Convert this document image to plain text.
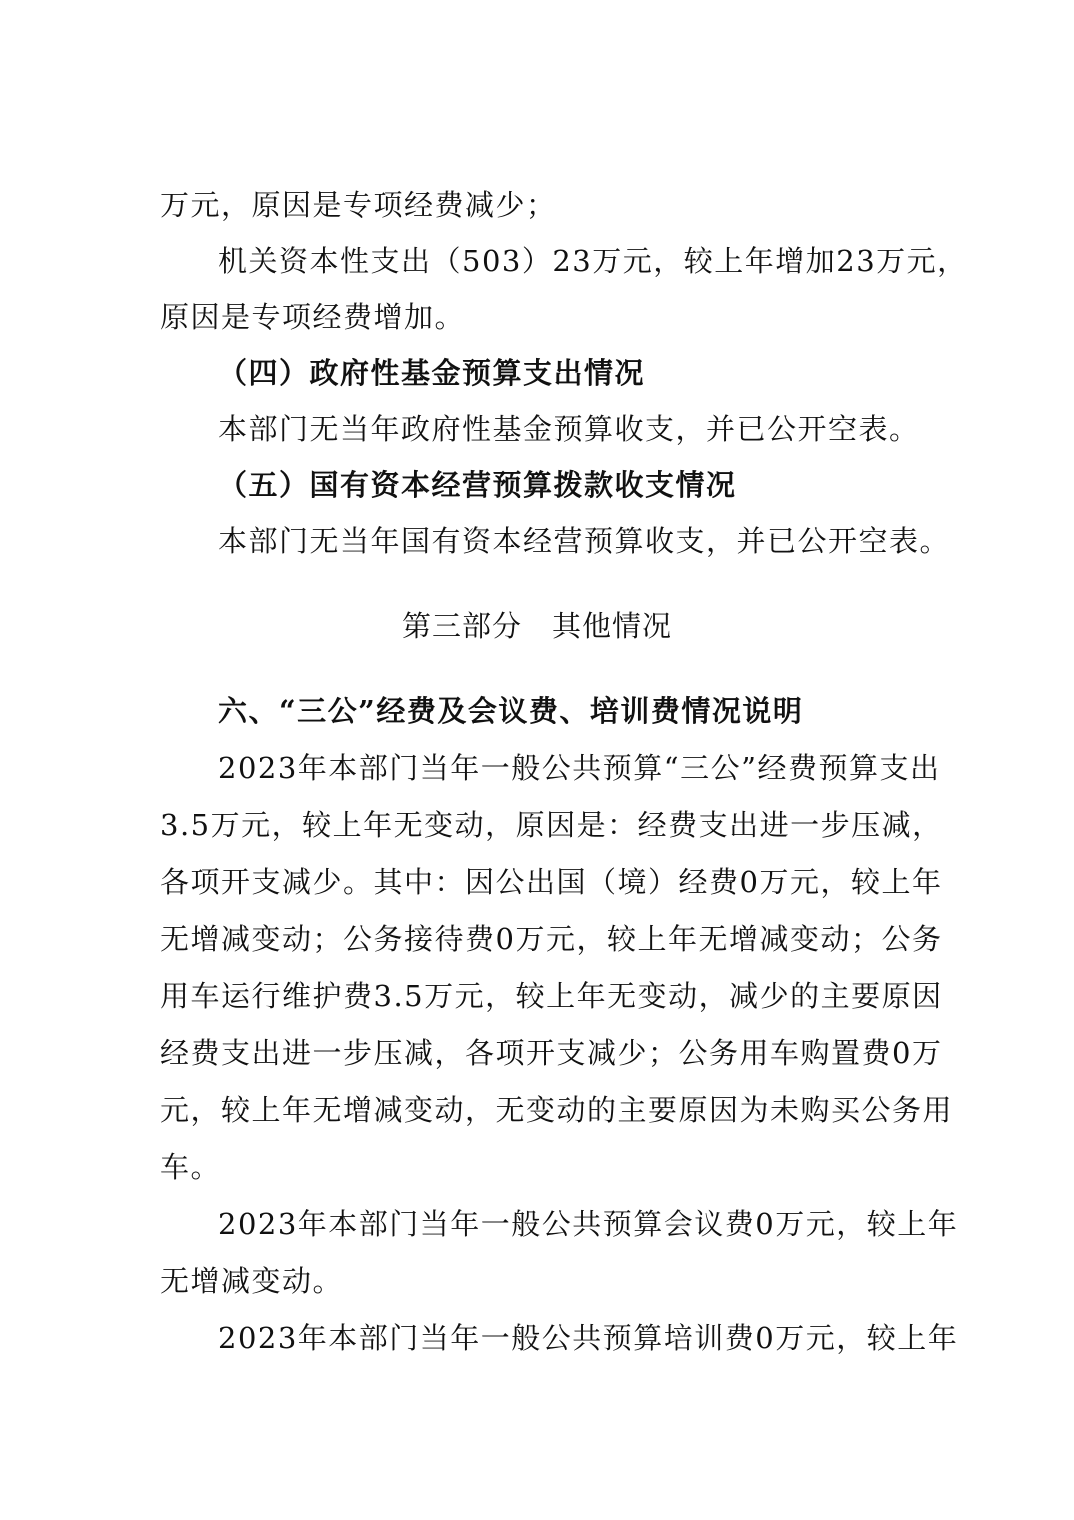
万元，原因是专项经费减少；
机关资本性支出（503）23万元，较上年增加23万元，
原因是专项经费增加。
（四）政府性基金预算支出情况
本部门无当年政府性基金预算收支，并已公开空表。
（五）国有资本经营预算拨款收支情况
本部门无当年国有资本经营预算收支，并已公开空表。
第三部分　其他情况
六、“三公”经费及会议费、培训费情况说明
2023年本部门当年一般公共预算“三公”经费预算支出
3.5万元，较上年无变动，原因是：经费支出进一步压减，
各项开支减少。其中：因公出国（境）经费0万元，较上年
无增减变动；公务接待费0万元，较上年无增减变动；公务
用车运行维护费3.5万元，较上年无变动，减少的主要原因
经费支出进一步压减，各项开支减少；公务用车购置费0万
元，较上年无增减变动，无变动的主要原因为未购买公务用
车。
2023年本部门当年一般公共预算会议费0万元，较上年
无增减变动。
2023年本部门当年一般公共预算培训费0万元，较上年
